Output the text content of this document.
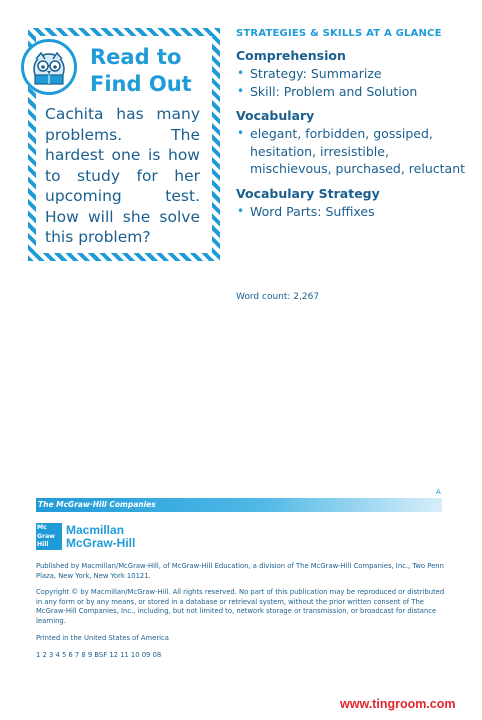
Read to
Find Out
Cachita has many problems. The hardest one is how to study for her upcoming test. How will she solve this problem?
STRATEGIES & SKILLS AT A GLANCE
Comprehension
• Strategy: Summarize
• Skill: Problem and Solution
Vocabulary
• elegant, forbidden, gossiped, hesitation, irresistible, mischievous, purchased, reluctant
Vocabulary Strategy
• Word Parts: Suffixes
Word count: 2,267
A
The McGraw·Hill Companies
Mc
Graw
Hill
Macmillan
McGraw-Hill
Published by Macmillan/McGraw-Hill, of McGraw-Hill Education, a division of The McGraw-Hill Companies, Inc., Two Penn Plaza, New York, New York 10121.
Copyright © by Macmillan/McGraw-Hill. All rights reserved. No part of this publication may be reproduced or distributed in any form or by any means, or stored in a database or retrieval system, without the prior written consent of The McGraw-Hill Companies, Inc., including, but not limited to, network storage or transmission, or broadcast for distance learning.
Printed in the United States of America
1 2 3 4 5 6 7 8 9 BSF 12 11 10 09 08
www.tingroom.com
